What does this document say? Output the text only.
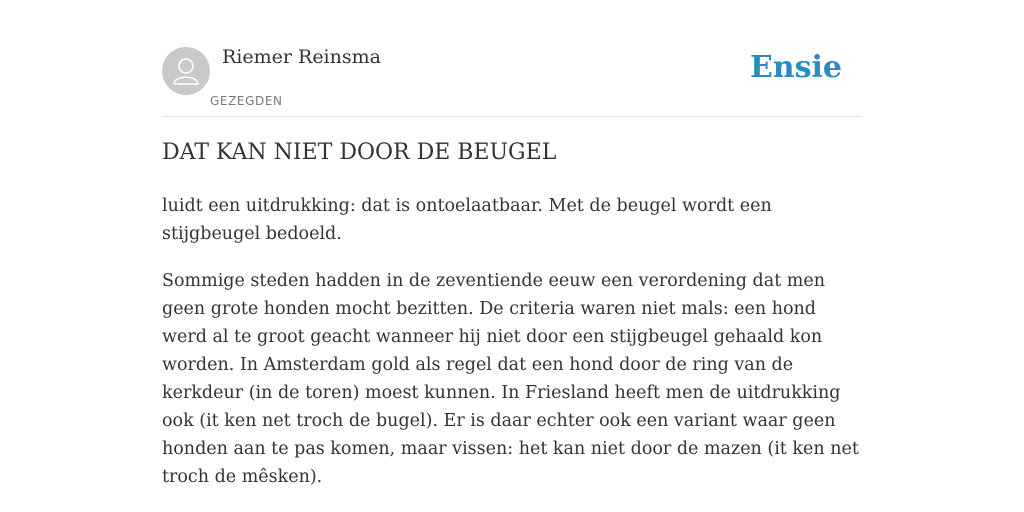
Riemer Reinsma
GEZEGDEN
Ensie
DAT KAN NIET DOOR DE BEUGEL

luidt een uitdrukking: dat is ontoelaatbaar. Met de beugel wordt een stijgbeugel bedoeld.

Sommige steden hadden in de zeventiende eeuw een verordening dat men geen grote honden mocht bezitten. De criteria waren niet mals: een hond werd al te groot geacht wanneer hij niet door een stijgbeugel gehaald kon worden. In Amsterdam gold als regel dat een hond door de ring van de kerkdeur (in de toren) moest kunnen. In Friesland heeft men de uitdrukking ook (it ken net troch de bugel). Er is daar echter ook een variant waar geen honden aan te pas komen, maar vissen: het kan niet door de mazen (it ken net troch de mêsken).
